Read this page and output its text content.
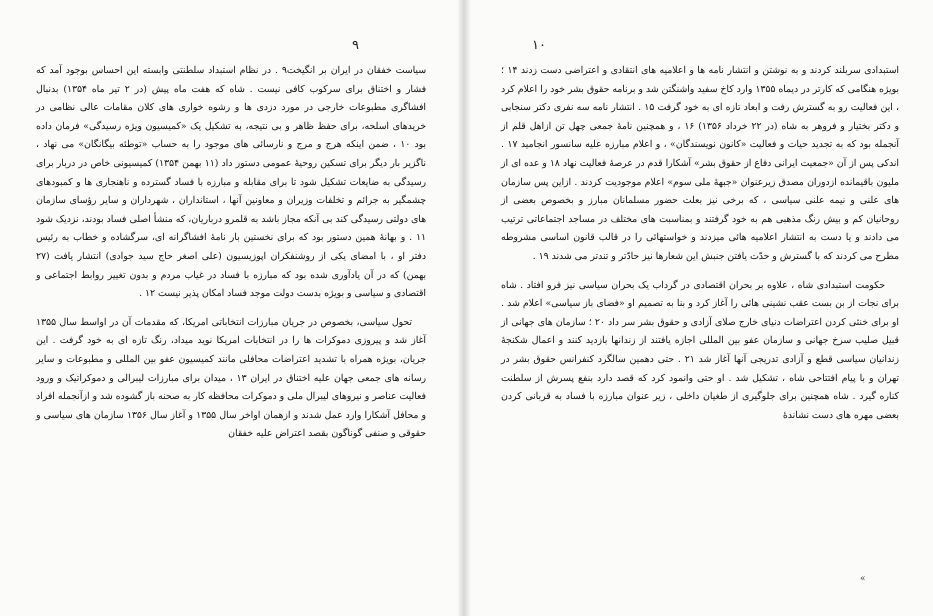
۹

سیاست خفقان در ایران بر انگیخت۹ . در نظام استبداد سلطنتی وابسته این احساس بوجود آمد که فشار و اختناق برای سرکوب کافی نیست . شاه که هفت ماه پیش (در ۲ تیر ماه ۱۳۵۴) بدنبال افشاگری مطبوعات خارجی در مورد دزدی ها و رشوه خواری های کلان مقامات عالی نظامی در خریدهای اسلحه، برای حفظ ظاهر و بی نتیجه، به تشکیل یک «کمیسیون ویژه رسیدگی» فرمان داده بود ۱۰ ، ضمن اینکه هرج و مرج و نارسائی های موجود را به حساب «توطئه بیگانگان» می نهاد ، ناگزیر بار دیگر برای تسکین روحیهٔ عمومی دستور داد (۱۱ بهمن ۱۳۵۴) کمیسیونی خاص در دربار برای رسیدگی به ضایعات تشکیل شود تا برای مقابله و مبارزه با فساد گسترده و ناهنجاری ها و کمبودهای چشمگیر به جرائم و تخلفات وزیران و معاونین آنها ، استانداران ، شهرداران و سایر رؤسای سازمان های دولتی رسیدگی کند بی آنکه مجاز باشد به قلمرو درباریان، که منشأ اصلی فساد بودند، نزدیک شود ۱۱ . و بهانهٔ همین دستور بود که برای نخستین بار نامهٔ افشاگرانه ای، سرگشاده و خطاب به رئیس دفتر او ، با امضای یکی از روشنفکران اپوزیسیون (علی اصغر حاج سید جوادی) انتشار یافت (۲۷ بهمن) که در آن یادآوری شده بود که مبارزه با فساد در غیاب مردم و بدون تغییر روابط اجتماعی و اقتصادی و سیاسی و بویژه بدست دولت موجد فساد امکان پذیر نیست ۱۲ .

تحول سیاسی، بخصوص در جریان مبارزات انتخاباتی امریکا، که مقدمات آن در اواسط سال ۱۳۵۵ آغاز شد و پیروزی دموکرات ها را در انتخابات امریکا نوید میداد، رنگ تازه ای به خود گرفت . این جریان، بویژه همراه با تشدید اعتراضات محافلی مانند کمیسیون عفو بین المللی و مطبوعات و سایر رسانه های جمعی جهان علیه اختناق در ایران ۱۳ ، میدان برای مبارزات لیبرالی و دموکراتیک و ورود فعالیت عناصر و نیروهای لیبرال ملی و دموکرات محافظه کار به صحنه باز گشوده شد و ازآنجمله افراد و محافل آشکارا وارد عمل شدند و ازهمان اواخر سال ۱۳۵۵ و آغاز سال ۱۳۵۶ سازمان های سیاسی و حقوقی و صنفی گوناگون بقصد اعتراض علیه خفقان

۱۰

استبدادی سربلند کردند و به نوشتن و انتشار نامه ها و اعلامیه های انتقادی و اعتراضی دست زدند ۱۴ ؛ بویژه هنگامی که کارتر در دیماه ۱۳۵۵ وارد کاخ سفید واشنگتن شد و برنامه حقوق بشر خود را اعلام کرد ، این فعالیت رو به گسترش رفت و ابعاد تازه ای به خود گرفت ۱۵ . انتشار نامه سه نفری دکتر سنجابی و دکتر بختیار و فروهر به شاه (در ۲۲ خرداد ۱۳۵۶) ۱۶ ، و همچنین نامهٔ جمعی چهل تن ازاهل قلم از آنجمله بود که به تجدید حیات و فعالیت «کانون نویسندگان» ، و اعلام مبارزه علیه سانسور انجامید ۱۷ . اندکی پس از آن «جمعیت ایرانی دفاع از حقوق بشر» آشکارا قدم در عرصهٔ فعالیت نهاد ۱۸ و عده ای از ملیون باقیمانده ازدوران مصدق زیرعنوان «جبههٔ ملی سوم» اعلام موجودیت کردند . ازاین پس سازمان های علنی و نیمه علنی سیاسی ، که برخی نیز بعلت حضور مسلمانان مبارز و بخصوص بعضی از روحانیان کم و بیش رنگ مذهبی هم به خود گرفتند و بمناسبت های مختلف در مساجد اجتماعاتی ترتیب می دادند و یا دست به انتشار اعلامیه هائی میزدند و خواستهائی را در قالب قانون اساسی مشروطه مطرح می کردند که با گسترش و حدّت یافتن جنبش این شعارها نیز حادّتر و تندتر می شدند ۱۹ .

حکومت استبدادی شاه ، علاوه بر بحران اقتصادی در گرداب یک بحران سیاسی نیز فرو افتاد . شاه برای نجات از بن بست عقب نشینی هائی را آغاز کرد و بنا به تصمیم او «فضای باز سیاسی» اعلام شد . او برای خنثی کردن اعتراضات دنیای خارج صلای آزادی و حقوق بشر سر داد ۲۰ ؛ سازمان های جهانی از قبیل صلیب سرخ جهانی و سازمان عفو بین المللی اجازه یافتند از زندانها بازدید کنند و اعمال شکنجهٔ زندانیان سیاسی قطع و آزادی تدریجی آنها آغاز شد ۲۱ . حتی دهمین سالگرد کنفرانس حقوق بشر در تهران و با پیام افتتاحی شاه ، تشکیل شد . او حتی وانمود کرد که قصد دارد بنفع پسرش از سلطنت کناره گیرد . شاه همچنین برای جلوگیری از طغیان داخلی ، زیر عنوان مبارزه با فساد به قربانی کردن بعضی مهره های دست نشاندهٔ

«
